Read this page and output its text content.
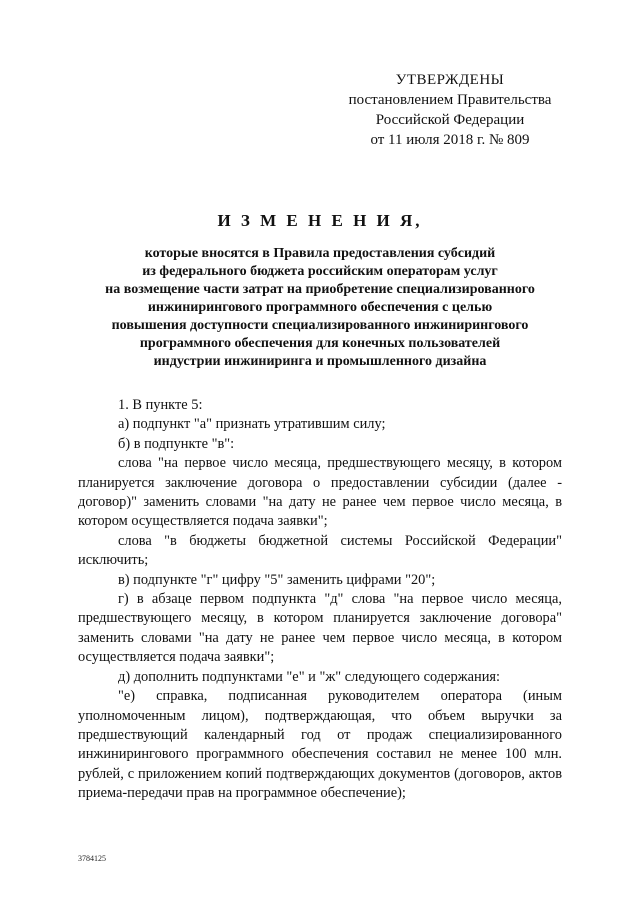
УТВЕРЖДЕНЫ
постановлением Правительства
Российской Федерации
от 11 июля 2018 г. № 809
И З М Е Н Е Н И Я,
которые вносятся в Правила предоставления субсидий
из федерального бюджета российским операторам услуг
на возмещение части затрат на приобретение специализированного
инжинирингового программного обеспечения с целью
повышения доступности специализированного инжинирингового
программного обеспечения для конечных пользователей
индустрии инжиниринга и промышленного дизайна

1. В пункте 5:

а) подпункт "а" признать утратившим силу;

б) в подпункте "в":

слова "на первое число месяца, предшествующего месяцу, в котором планируется заключение договора о предоставлении субсидии (далее - договор)" заменить словами "на дату не ранее чем первое число месяца, в котором осуществляется подача заявки";

слова "в бюджеты бюджетной системы Российской Федерации" исключить;

в) подпункте "г" цифру "5" заменить цифрами "20";

г) в абзаце первом подпункта "д" слова "на первое число месяца, предшествующего месяцу, в котором планируется заключение договора" заменить словами "на дату не ранее чем первое число месяца, в котором осуществляется подача заявки";

д) дополнить подпунктами "е" и "ж" следующего содержания:

"е) справка, подписанная руководителем оператора (иным уполномоченным лицом), подтверждающая, что объем выручки за предшествующий календарный год от продаж специализированного инжинирингового программного обеспечения составил не менее 100 млн. рублей, с приложением копий подтверждающих документов (договоров, актов приема-передачи прав на программное обеспечение);

3784125
